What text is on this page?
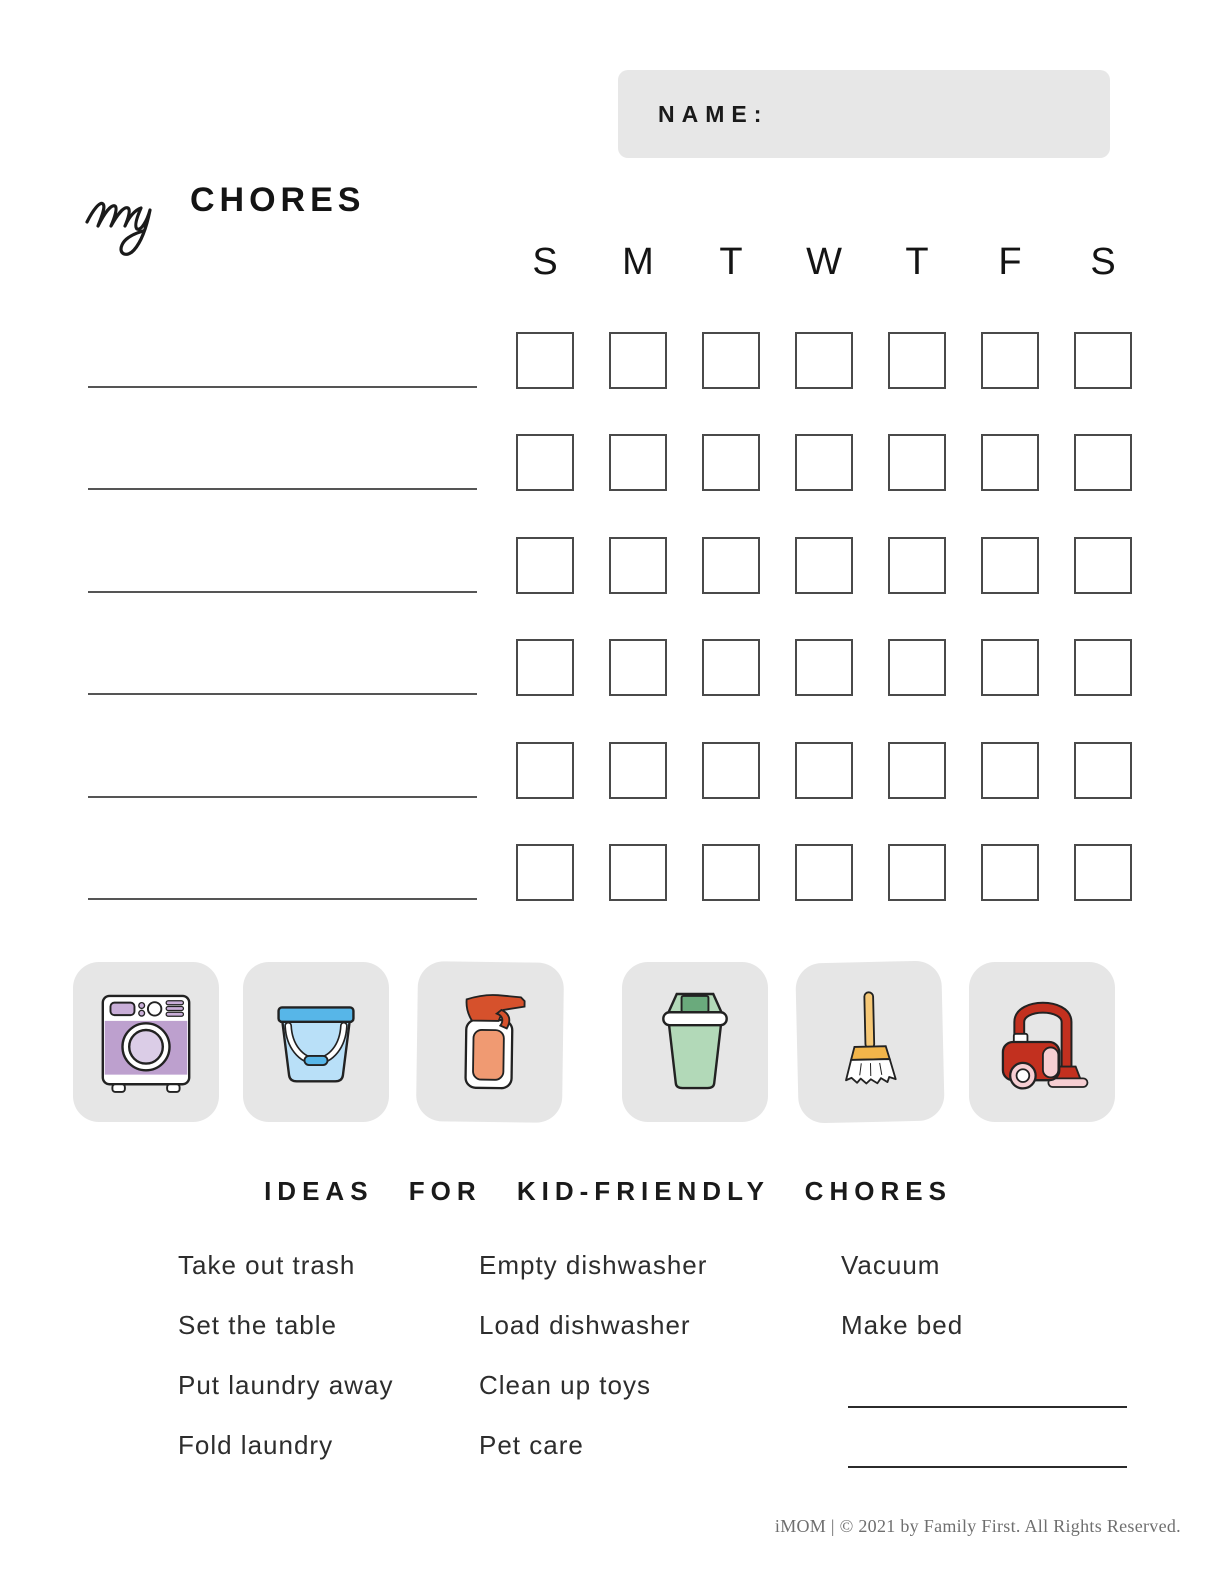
NAME:
CHORES
S	M	T	W	T	F	S
IDEAS FOR KID-FRIENDLY CHORES
Take out trash
Set the table
Put laundry away
Fold laundry
Empty dishwasher
Load dishwasher
Clean up toys
Pet care
Vacuum
Make bed
iMOM | © 2021 by Family First. All Rights Reserved.
